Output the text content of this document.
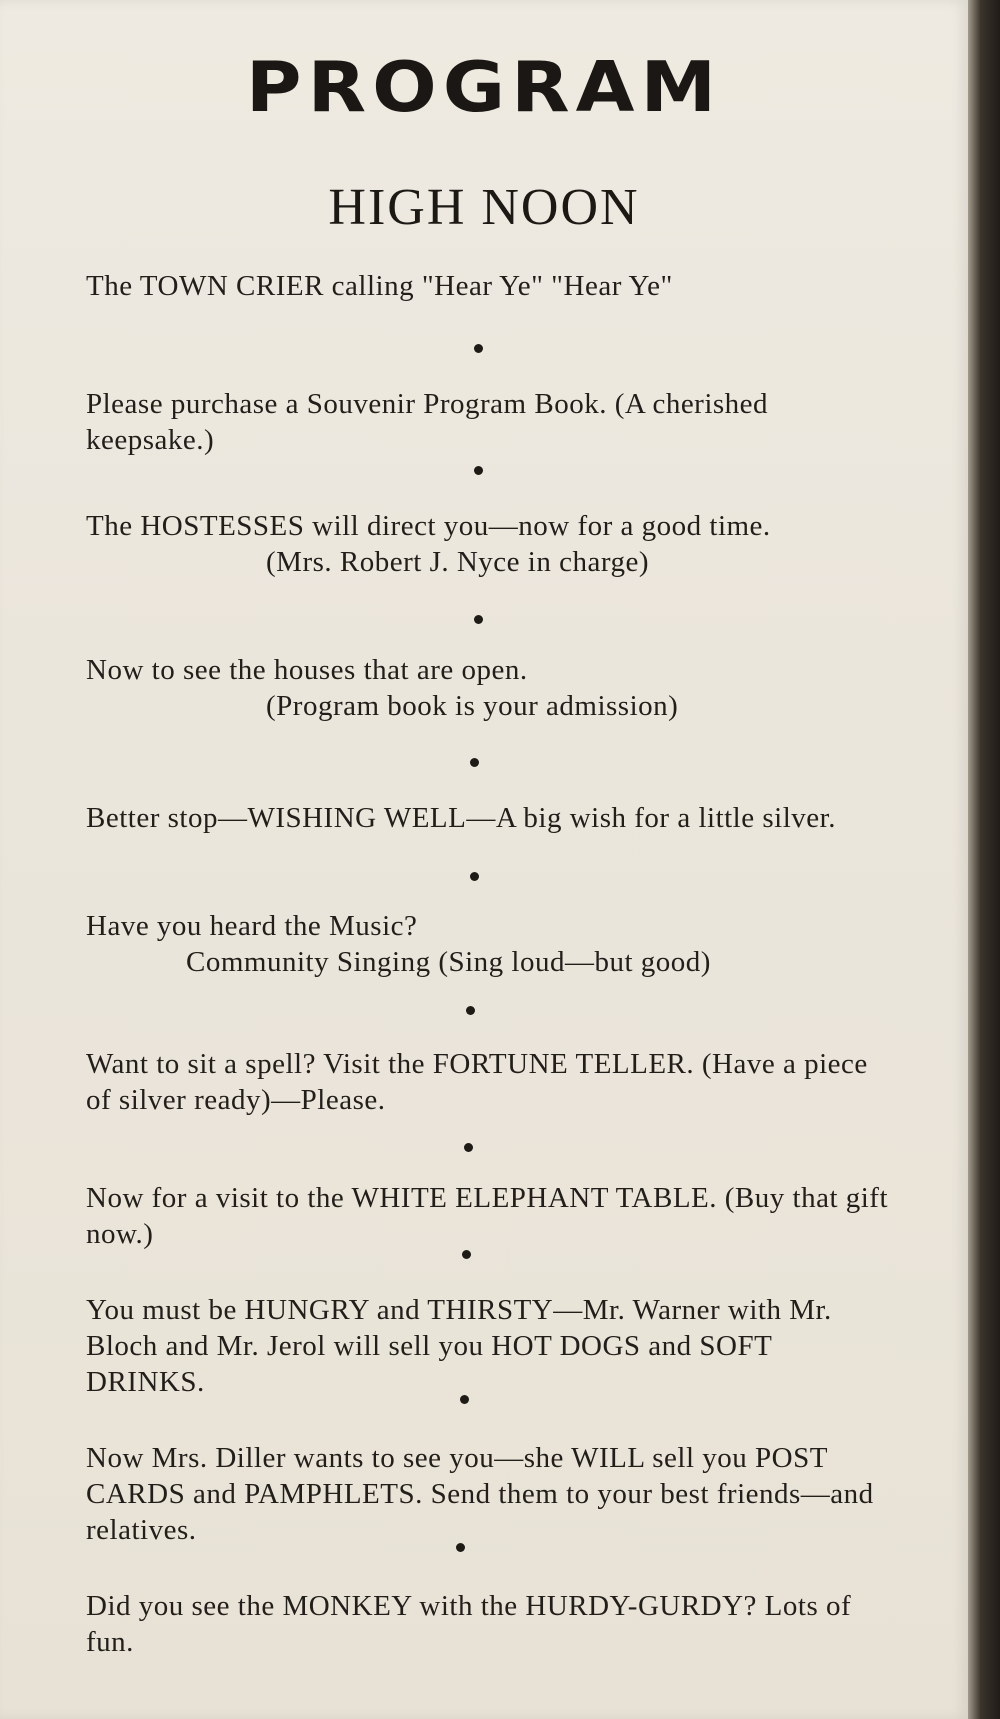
PROGRAM
HIGH NOON
The TOWN CRIER calling "Hear Ye" "Hear Ye"
Please purchase a Souvenir Program Book. (A cherished keepsake.)
The HOSTESSES will direct you—now for a good time.
(Mrs. Robert J. Nyce in charge)
Now to see the houses that are open.
(Program book is your admission)
Better stop—WISHING WELL—A big wish for a little silver.
Have you heard the Music?
Community Singing (Sing loud—but good)
Want to sit a spell? Visit the FORTUNE TELLER. (Have a piece of silver ready)—Please.
Now for a visit to the WHITE ELEPHANT TABLE. (Buy that gift now.)
You must be HUNGRY and THIRSTY—Mr. Warner with Mr. Bloch and Mr. Jerol will sell you HOT DOGS and SOFT DRINKS.
Now Mrs. Diller wants to see you—she WILL sell you POST CARDS and PAMPHLETS. Send them to your best friends—and relatives.
Did you see the MONKEY with the HURDY-GURDY? Lots of fun.
